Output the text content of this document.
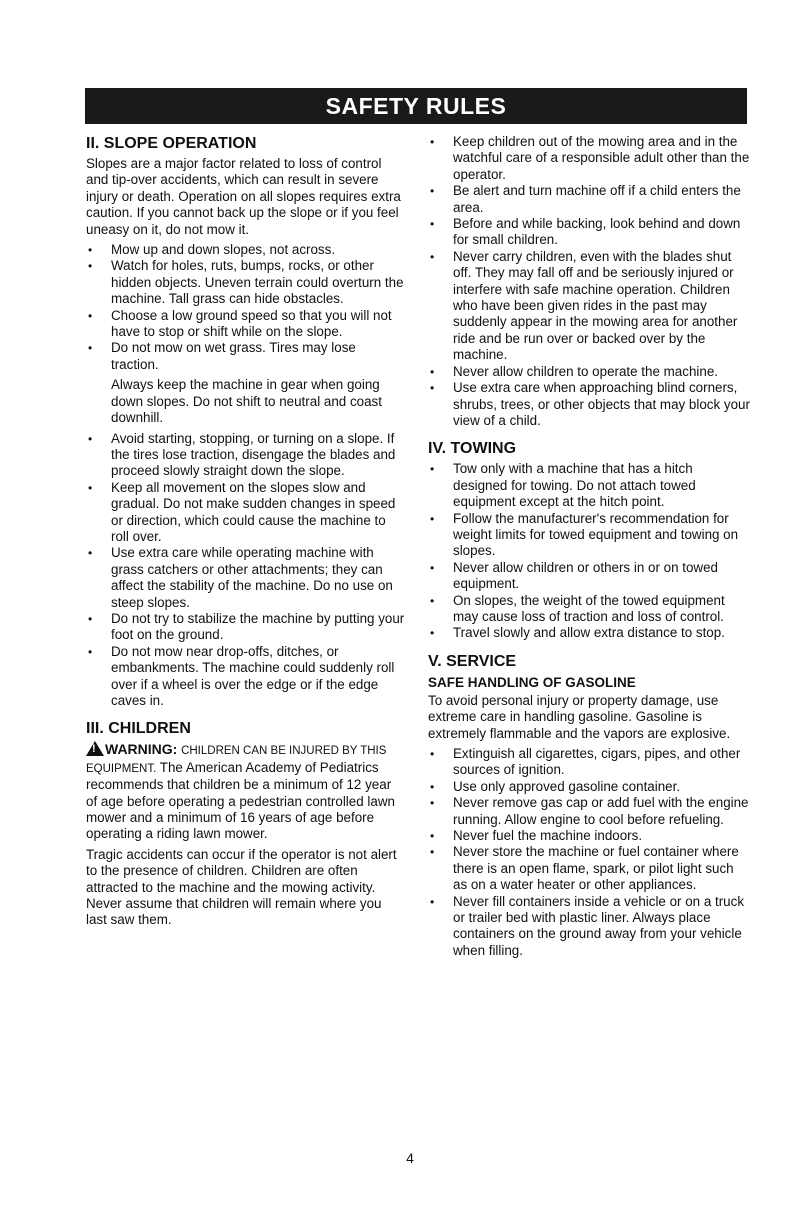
SAFETY RULES
II. SLOPE OPERATION

Slopes are a major factor related to loss of control and tip-over accidents, which can result in severe injury or death. Operation on all slopes requires extra caution. If you cannot back up the slope or if you feel uneasy on it, do not mow it.

• Mow up and down slopes, not across.
• Watch for holes, ruts, bumps, rocks, or other hidden objects. Uneven terrain could overturn the machine. Tall grass can hide obstacles.
• Choose a low ground speed so that you will not have to stop or shift while on the slope.
• Do not mow on wet grass. Tires may lose traction.

Always keep the machine in gear when going down slopes. Do not shift to neutral and coast downhill.

• Avoid starting, stopping, or turning on a slope. If the tires lose traction, disengage the blades and proceed slowly straight down the slope.
• Keep all movement on the slopes slow and gradual. Do not make sudden changes in speed or direction, which could cause the machine to roll over.
• Use extra care while operating machine with grass catchers or other attachments; they can affect the stability of the machine. Do no use on steep slopes.
• Do not try to stabilize the machine by putting your foot on the ground.
• Do not mow near drop-offs, ditches, or embankments. The machine could suddenly roll over if a wheel is over the edge or if the edge caves in.
III. CHILDREN

!WARNING: CHILDREN CAN BE INJURED BY THIS EQUIPMENT. The American Academy of Pediatrics recommends that children be a minimum of 12 year of age before operating a pedestrian controlled lawn mower and a minimum of 16 years of age before operating a riding lawn mower.

Tragic accidents can occur if the operator is not alert to the presence of children. Children are often attracted to the machine and the mowing activity. Never assume that children will remain where you last saw them.

• Keep children out of the mowing area and in the watchful care of a responsible adult other than the operator.
• Be alert and turn machine off if a child enters the area.
• Before and while backing, look behind and down for small children.
• Never carry children, even with the blades shut off. They may fall off and be seriously injured or interfere with safe machine operation. Children who have been given rides in the past may suddenly appear in the mowing area for another ride and be run over or backed over by the machine.
• Never allow children to operate the machine.
• Use extra care when approaching blind corners, shrubs, trees, or other objects that may block your view of a child.
IV. TOWING
• Tow only with a machine that has a hitch designed for towing. Do not attach towed equipment except at the hitch point.
• Follow the manufacturer's recommendation for weight limits for towed equipment and towing on slopes.
• Never allow children or others in or on towed equipment.
• On slopes, the weight of the towed equipment may cause loss of traction and loss of control.
• Travel slowly and allow extra distance to stop.
V. SERVICE
SAFE HANDLING OF GASOLINE

To avoid personal injury or property damage, use extreme care in handling gasoline. Gasoline is extremely flammable and the vapors are explosive.

• Extinguish all cigarettes, cigars, pipes, and other sources of ignition.
• Use only approved gasoline container.
• Never remove gas cap or add fuel with the engine running. Allow engine to cool before refueling.
• Never fuel the machine indoors.
• Never store the machine or fuel container where there is an open flame, spark, or pilot light such as on a water heater or other appliances.
• Never fill containers inside a vehicle or on a truck or trailer bed with plastic liner. Always place containers on the ground away from your vehicle when filling.
4
